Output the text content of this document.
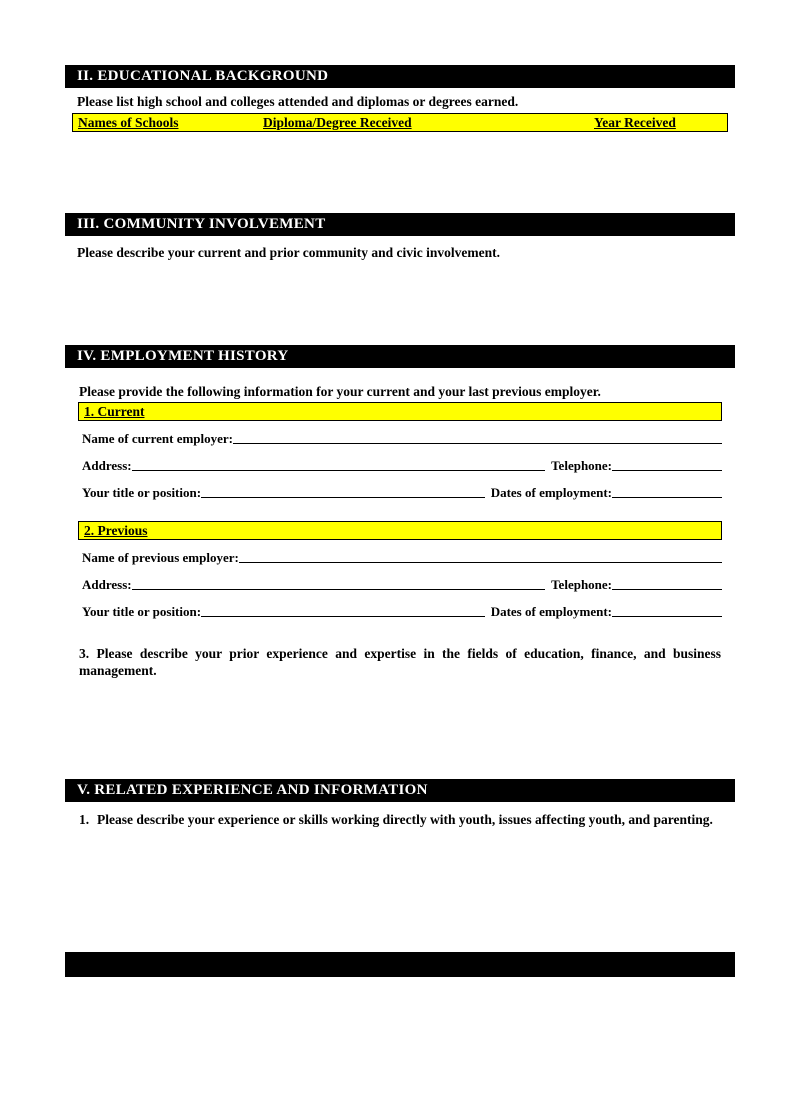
II. EDUCATIONAL BACKGROUND
Please list high school and colleges attended and diplomas or degrees earned.
Names of Schools	Diploma/Degree Received	Year Received
III. COMMUNITY INVOLVEMENT
Please describe your current and prior community and civic involvement.
IV. EMPLOYMENT HISTORY
Please provide the following information for your current and your last previous employer.
1. Current
Name of current employer:
Address:	Telephone:
Your title or position:	Dates of employment:
2. Previous
Name of previous employer:
Address:	Telephone:
Your title or position:	Dates of employment:
3. Please describe your prior experience and expertise in the fields of education, finance, and business management.
V. RELATED EXPERIENCE AND INFORMATION
1. Please describe your experience or skills working directly with youth, issues affecting youth, and parenting.
